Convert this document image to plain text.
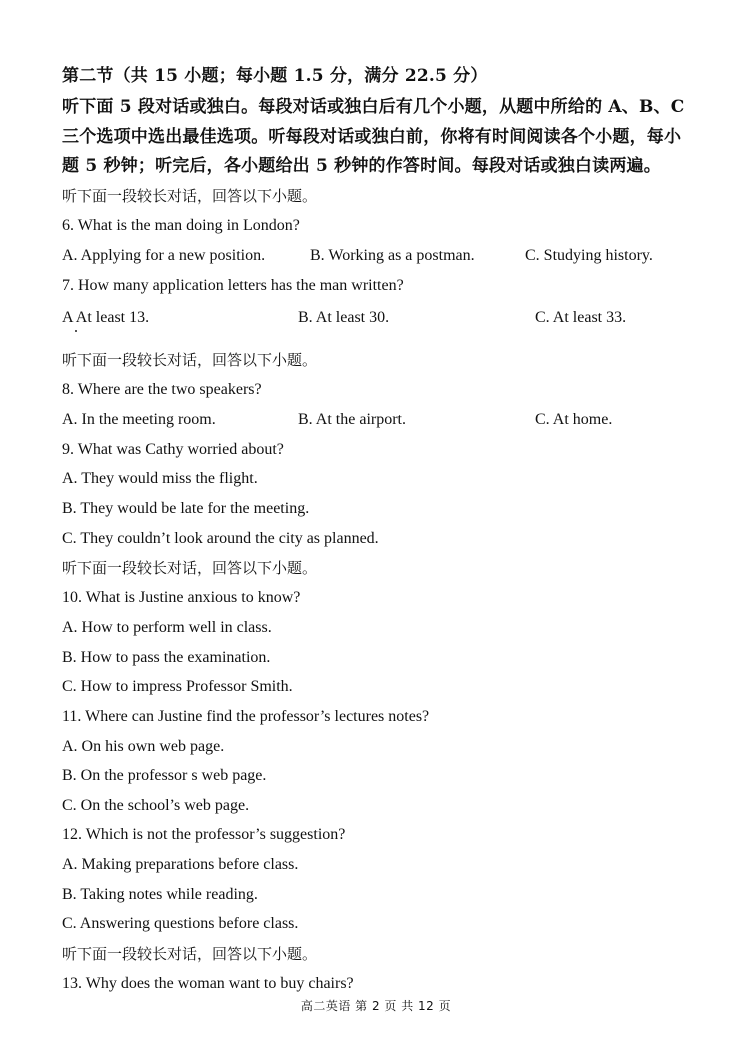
第二节（共 15 小题；每小题 1.5 分，满分 22.5 分）
听下面 5 段对话或独白。每段对话或独白后有几个小题，从题中所给的 A、B、C
三个选项中选出最佳选项。听每段对话或独白前，你将有时间阅读各个小题，每小
题 5 秒钟；听完后，各小题给出 5 秒钟的作答时间。每段对话或独白读两遍。
听下面一段较长对话，回答以下小题。
6. What is the man doing in London?
A. Applying for a new position.	B. Working as a postman.	C. Studying history.
7. How many application letters has the man written?
A At least 13.	B. At least 30.	C. At least 33.
听下面一段较长对话，回答以下小题。
8. Where are the two speakers?
A. In the meeting room.	B. At the airport.	C. At home.
9. What was Cathy worried about?
A. They would miss the flight.
B. They would be late for the meeting.
C. They couldn’t look around the city as planned.
听下面一段较长对话，回答以下小题。
10. What is Justine anxious to know?
A. How to perform well in class.
B. How to pass the examination.
C. How to impress Professor Smith.
11. Where can Justine find the professor’s lectures notes?
A. On his own web page.
B. On the professor s web page.
C. On the school’s web page.
12. Which is not the professor’s suggestion?
A. Making preparations before class.
B. Taking notes while reading.
C. Answering questions before class.
听下面一段较长对话，回答以下小题。
13. Why does the woman want to buy chairs?
高二英语 第 2 页 共 12 页
